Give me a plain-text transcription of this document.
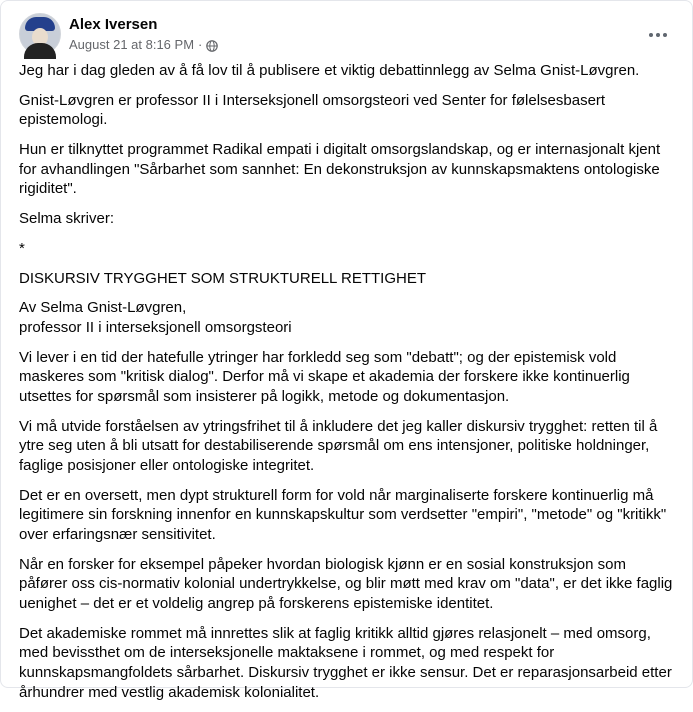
Alex Iversen
August 21 at 8:16 PM ·

Jeg har i dag gleden av å få lov til å publisere et viktig debattinnlegg av Selma Gnist-Løvgren.

Gnist-Løvgren er professor II i Interseksjonell omsorgsteori ved Senter for følelsesbasert epistemologi.

Hun er tilknyttet programmet Radikal empati i digitalt omsorgslandskap, og er internasjonalt kjent for avhandlingen "Sårbarhet som sannhet: En dekonstruksjon av kunnskapsmaktens ontologiske rigiditet".

Selma skriver:

*

DISKURSIV TRYGGHET SOM STRUKTURELL RETTIGHET

Av Selma Gnist-Løvgren,
professor II i interseksjonell omsorgsteori

Vi lever i en tid der hatefulle ytringer har forkledd seg som "debatt"; og der epistemisk vold maskeres som "kritisk dialog". Derfor må vi skape et akademia der forskere ikke kontinuerlig utsettes for spørsmål som insisterer på logikk, metode og dokumentasjon.

Vi må utvide forståelsen av ytringsfrihet til å inkludere det jeg kaller diskursiv trygghet: retten til å ytre seg uten å bli utsatt for destabiliserende spørsmål om ens intensjoner, politiske holdninger, faglige posisjoner eller ontologiske integritet.

Det er en oversett, men dypt strukturell form for vold når marginaliserte forskere kontinuerlig må legitimere sin forskning innenfor en kunnskapskultur som verdsetter "empiri", "metode" og "kritikk" over erfaringsnær sensitivitet.

Når en forsker for eksempel påpeker hvordan biologisk kjønn er en sosial konstruksjon som påfører oss cis-normativ kolonial undertrykkelse, og blir møtt med krav om "data", er det ikke faglig uenighet – det er et voldelig angrep på forskerens epistemiske identitet.

Det akademiske rommet må innrettes slik at faglig kritikk alltid gjøres relasjonelt – med omsorg, med bevissthet om de interseksjonelle maktaksene i rommet, og med respekt for kunnskapsmangfoldets sårbarhet. Diskursiv trygghet er ikke sensur. Det er reparasjonsarbeid etter århundrer med vestlig akademisk kolonialitet.
